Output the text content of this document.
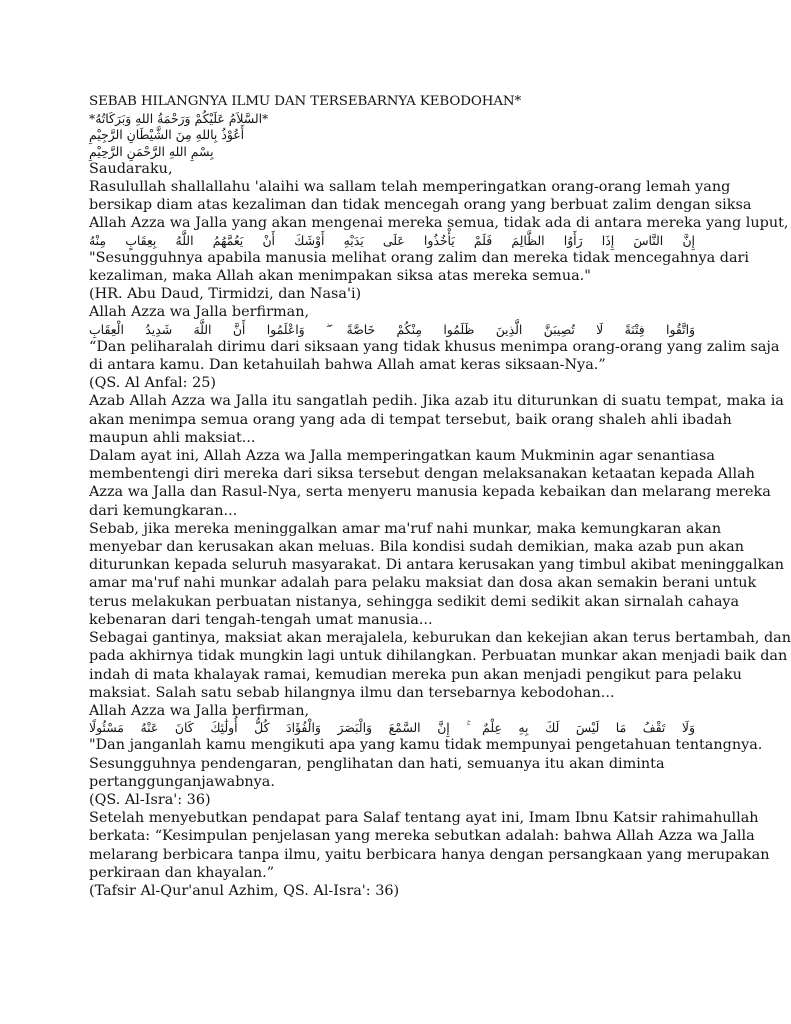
SEBAB HILANGNYA ILMU DAN TERSEBARNYA KEBODOHAN*
*السَّلاَمُ عَلَيْكُمْ وَرَحْمَةُ اللهِ وَبَرَكَاتُهُ*
أَعُوْذُ بِاللهِ مِنَ الشَّيْطَانِ الرَّجِيْمِ
بِسْمِ اللهِ الرَّحْمَنِ الرَّحِيْمِ
Saudaraku,
Rasulullah shallallahu 'alaihi wa sallam telah memperingatkan orang-orang lemah yang
bersikap diam atas kezaliman dan tidak mencegah orang yang berbuat zalim dengan siksa
Allah Azza wa Jalla yang akan mengenai mereka semua, tidak ada di antara mereka yang luput,
إِنَّ النَّاسَ إِذَا رَأَوُا الظَّالِمَ فَلَمْ يَأْخُذُوا عَلَى يَدَيْهِ أَوْشَكَ أَنْ يَعُمَّهُمُ اللَّهُ بِعِقَابٍ مِنْهُ
"Sesungguhnya apabila manusia melihat orang zalim dan mereka tidak mencegahnya dari
kezaliman, maka Allah akan menimpakan siksa atas mereka semua."
(HR. Abu Daud, Tirmidzi, dan Nasa'i)
Allah Azza wa Jalla berfirman,
وَاتَّقُوا فِتْنَةً لَا تُصِيبَنَّ الَّذِينَ ظَلَمُوا مِنْكُمْ خَاصَّةً ۖ وَاعْلَمُوا أَنَّ اللَّهَ شَدِيدُ الْعِقَابِ
“Dan peliharalah dirimu dari siksaan yang tidak khusus menimpa orang-orang yang zalim saja
di antara kamu. Dan ketahuilah bahwa Allah amat keras siksaan-Nya.”
(QS. Al Anfal: 25)
Azab Allah Azza wa Jalla itu sangatlah pedih. Jika azab itu diturunkan di suatu tempat, maka ia
akan menimpa semua orang yang ada di tempat tersebut, baik orang shaleh ahli ibadah
maupun ahli maksiat...
Dalam ayat ini, Allah Azza wa Jalla memperingatkan kaum Mukminin agar senantiasa
membentengi diri mereka dari siksa tersebut dengan melaksanakan ketaatan kepada Allah
Azza wa Jalla dan Rasul-Nya, serta menyeru manusia kepada kebaikan dan melarang mereka
dari kemungkaran...
Sebab, jika mereka meninggalkan amar ma'ruf nahi munkar, maka kemungkaran akan
menyebar dan kerusakan akan meluas. Bila kondisi sudah demikian, maka azab pun akan
diturunkan kepada seluruh masyarakat. Di antara kerusakan yang timbul akibat meninggalkan
amar ma'ruf nahi munkar adalah para pelaku maksiat dan dosa akan semakin berani untuk
terus melakukan perbuatan nistanya, sehingga sedikit demi sedikit akan sirnalah cahaya
kebenaran dari tengah-tengah umat manusia...
Sebagai gantinya, maksiat akan merajalela, keburukan dan kekejian akan terus bertambah, dan
pada akhirnya tidak mungkin lagi untuk dihilangkan. Perbuatan munkar akan menjadi baik dan
indah di mata khalayak ramai, kemudian mereka pun akan menjadi pengikut para pelaku
maksiat. Salah satu sebab hilangnya ilmu dan tersebarnya kebodohan...
Allah Azza wa Jalla berfirman,
وَلَا تَقْفُ مَا لَيْسَ لَكَ بِهِ عِلْمٌ ۚ إِنَّ السَّمْعَ وَالْبَصَرَ وَالْفُؤَادَ كُلُّ أُولَٰئِكَ كَانَ عَنْهُ مَسْئُولًا
"Dan janganlah kamu mengikuti apa yang kamu tidak mempunyai pengetahuan tentangnya.
Sesungguhnya pendengaran, penglihatan dan hati, semuanya itu akan diminta
pertanggunganjawabnya.
(QS. Al-Isra': 36)
Setelah menyebutkan pendapat para Salaf tentang ayat ini, Imam Ibnu Katsir rahimahullah
berkata: “Kesimpulan penjelasan yang mereka sebutkan adalah: bahwa Allah Azza wa Jalla
melarang berbicara tanpa ilmu, yaitu berbicara hanya dengan persangkaan yang merupakan
perkiraan dan khayalan.”
(Tafsir Al-Qur'anul Azhim, QS. Al-Isra': 36)
